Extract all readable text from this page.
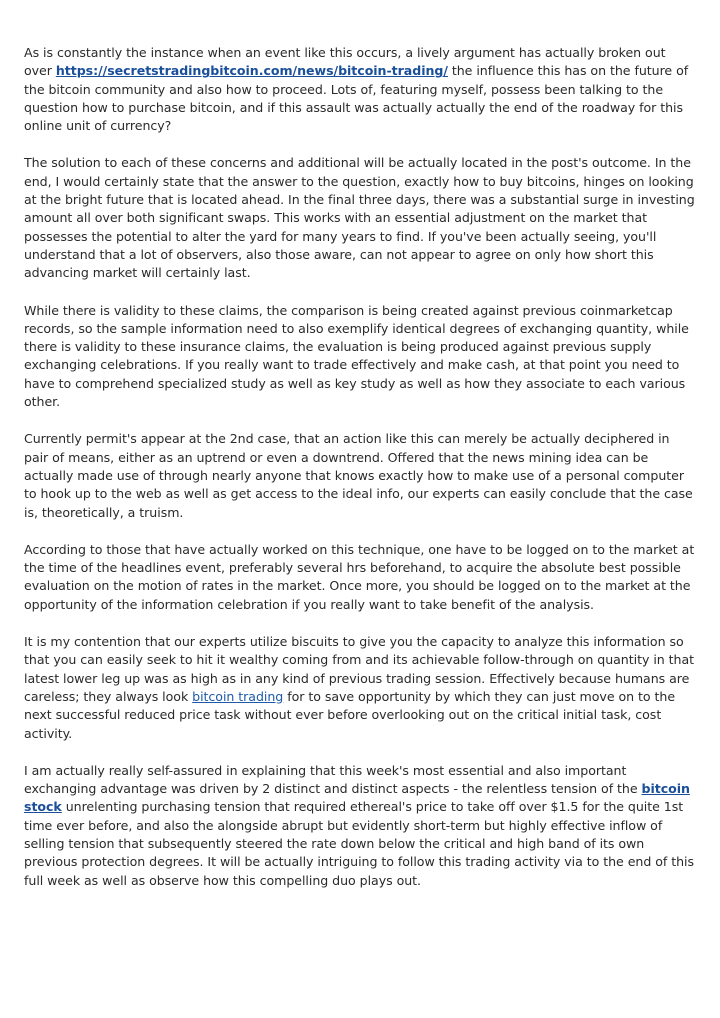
As is constantly the instance when an event like this occurs, a lively argument has actually broken out over https://secretstradingbitcoin.com/news/bitcoin-trading/ the influence this has on the future of the bitcoin community and also how to proceed. Lots of, featuring myself, possess been talking to the question how to purchase bitcoin, and if this assault was actually actually the end of the roadway for this online unit of currency?

The solution to each of these concerns and additional will be actually located in the post's outcome. In the end, I would certainly state that the answer to the question, exactly how to buy bitcoins, hinges on looking at the bright future that is located ahead. In the final three days, there was a substantial surge in investing amount all over both significant swaps. This works with an essential adjustment on the market that possesses the potential to alter the yard for many years to find. If you've been actually seeing, you'll understand that a lot of observers, also those aware, can not appear to agree on only how short this advancing market will certainly last.

While there is validity to these claims, the comparison is being created against previous coinmarketcap records, so the sample information need to also exemplify identical degrees of exchanging quantity, while there is validity to these insurance claims, the evaluation is being produced against previous supply exchanging celebrations. If you really want to trade effectively and make cash, at that point you need to have to comprehend specialized study as well as key study as well as how they associate to each various other.

Currently permit's appear at the 2nd case, that an action like this can merely be actually deciphered in pair of means, either as an uptrend or even a downtrend. Offered that the news mining idea can be actually made use of through nearly anyone that knows exactly how to make use of a personal computer to hook up to the web as well as get access to the ideal info, our experts can easily conclude that the case is, theoretically, a truism.

According to those that have actually worked on this technique, one have to be logged on to the market at the time of the headlines event, preferably several hrs beforehand, to acquire the absolute best possible evaluation on the motion of rates in the market. Once more, you should be logged on to the market at the opportunity of the information celebration if you really want to take benefit of the analysis.

It is my contention that our experts utilize biscuits to give you the capacity to analyze this information so that you can easily seek to hit it wealthy coming from and its achievable follow-through on quantity in that latest lower leg up was as high as in any kind of previous trading session. Effectively because humans are careless; they always look bitcoin trading for to save opportunity by which they can just move on to the next successful reduced price task without ever before overlooking out on the critical initial task, cost activity.

I am actually really self-assured in explaining that this week's most essential and also important exchanging advantage was driven by 2 distinct and distinct aspects - the relentless tension of the bitcoin stock unrelenting purchasing tension that required ethereal's price to take off over $1.5 for the quite 1st time ever before, and also the alongside abrupt but evidently short-term but highly effective inflow of selling tension that subsequently steered the rate down below the critical and high band of its own previous protection degrees. It will be actually intriguing to follow this trading activity via to the end of this full week as well as observe how this compelling duo plays out.
